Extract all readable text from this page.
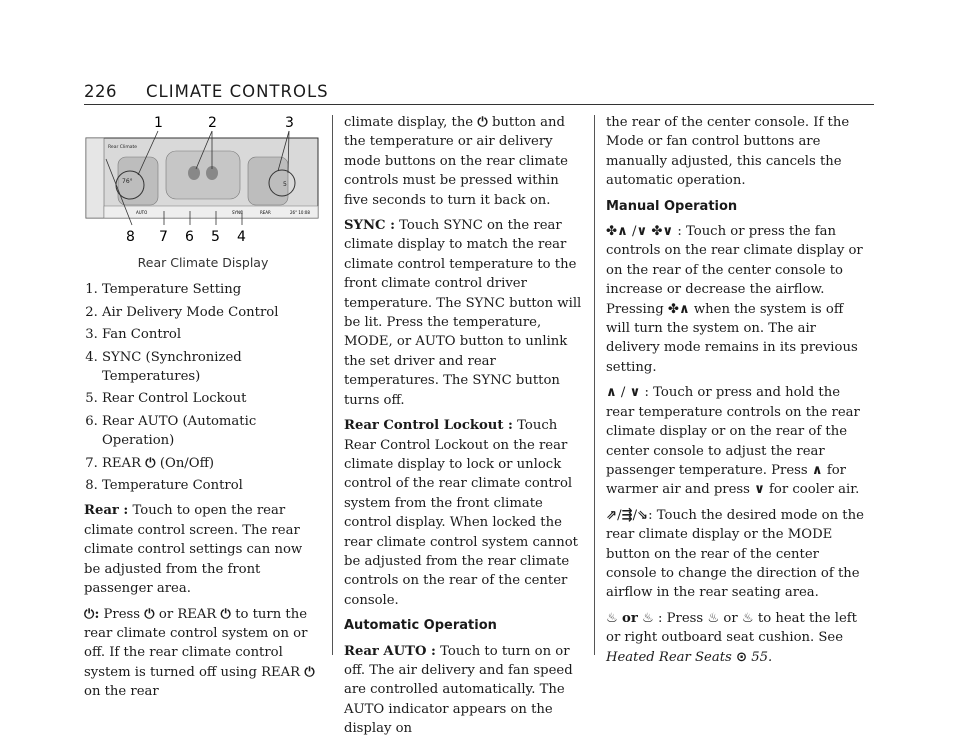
226 CLIMATE CONTROLS
1	2	3
Rear Climate
76°	5
AUTO	SYNC	REAR	26° 10:08
8 7 6 5 4

Rear Climate Display

1. Temperature Setting
2. Air Delivery Mode Control
3. Fan Control
4. SYNC (Synchronized Temperatures)
5. Rear Control Lockout
6. Rear AUTO (Automatic Operation)
7. REAR ⏻ (On/Off)
8. Temperature Control

Rear : Touch to open the rear climate control screen. The rear climate control settings can now be adjusted from the front passenger area.

⏻: Press ⏻ or REAR ⏻ to turn the rear climate control system on or off. If the rear climate control system is turned off using REAR ⏻ on the rear

climate display, the ⏻ button and the temperature or air delivery mode buttons on the rear climate controls must be pressed within five seconds to turn it back on.

SYNC : Touch SYNC on the rear climate display to match the rear climate control temperature to the front climate control driver temperature. The SYNC button will be lit. Press the temperature, MODE, or AUTO button to unlink the set driver and rear temperatures. The SYNC button turns off.

Rear Control Lockout : Touch Rear Control Lockout on the rear climate display to lock or unlock control of the rear climate control system from the front climate control display. When locked the rear climate control system cannot be adjusted from the rear climate controls on the rear of the center console.

Automatic Operation

Rear AUTO : Touch to turn on or off. The air delivery and fan speed are controlled automatically. The AUTO indicator appears on the display on

the rear of the center console. If the Mode or fan control buttons are manually adjusted, this cancels the automatic operation.

Manual Operation

✤∧ /∨ ✤∨ : Touch or press the fan controls on the rear climate display or on the rear of the center console to increase or decrease the airflow. Pressing ✤∧ when the system is off will turn the system on. The air delivery mode remains in its previous setting.

∧ / ∨ : Touch or press and hold the rear temperature controls on the rear climate display or on the rear of the center console to adjust the rear passenger temperature. Press ∧ for warmer air and press ∨ for cooler air.

⇗/⇶/⇘: Touch the desired mode on the rear climate display or the MODE button on the rear of the center console to change the direction of the airflow in the rear seating area.

♨ or ♨ : Press ♨ or ♨ to heat the left or right outboard seat cushion. See Heated Rear Seats ⊙ 55.
